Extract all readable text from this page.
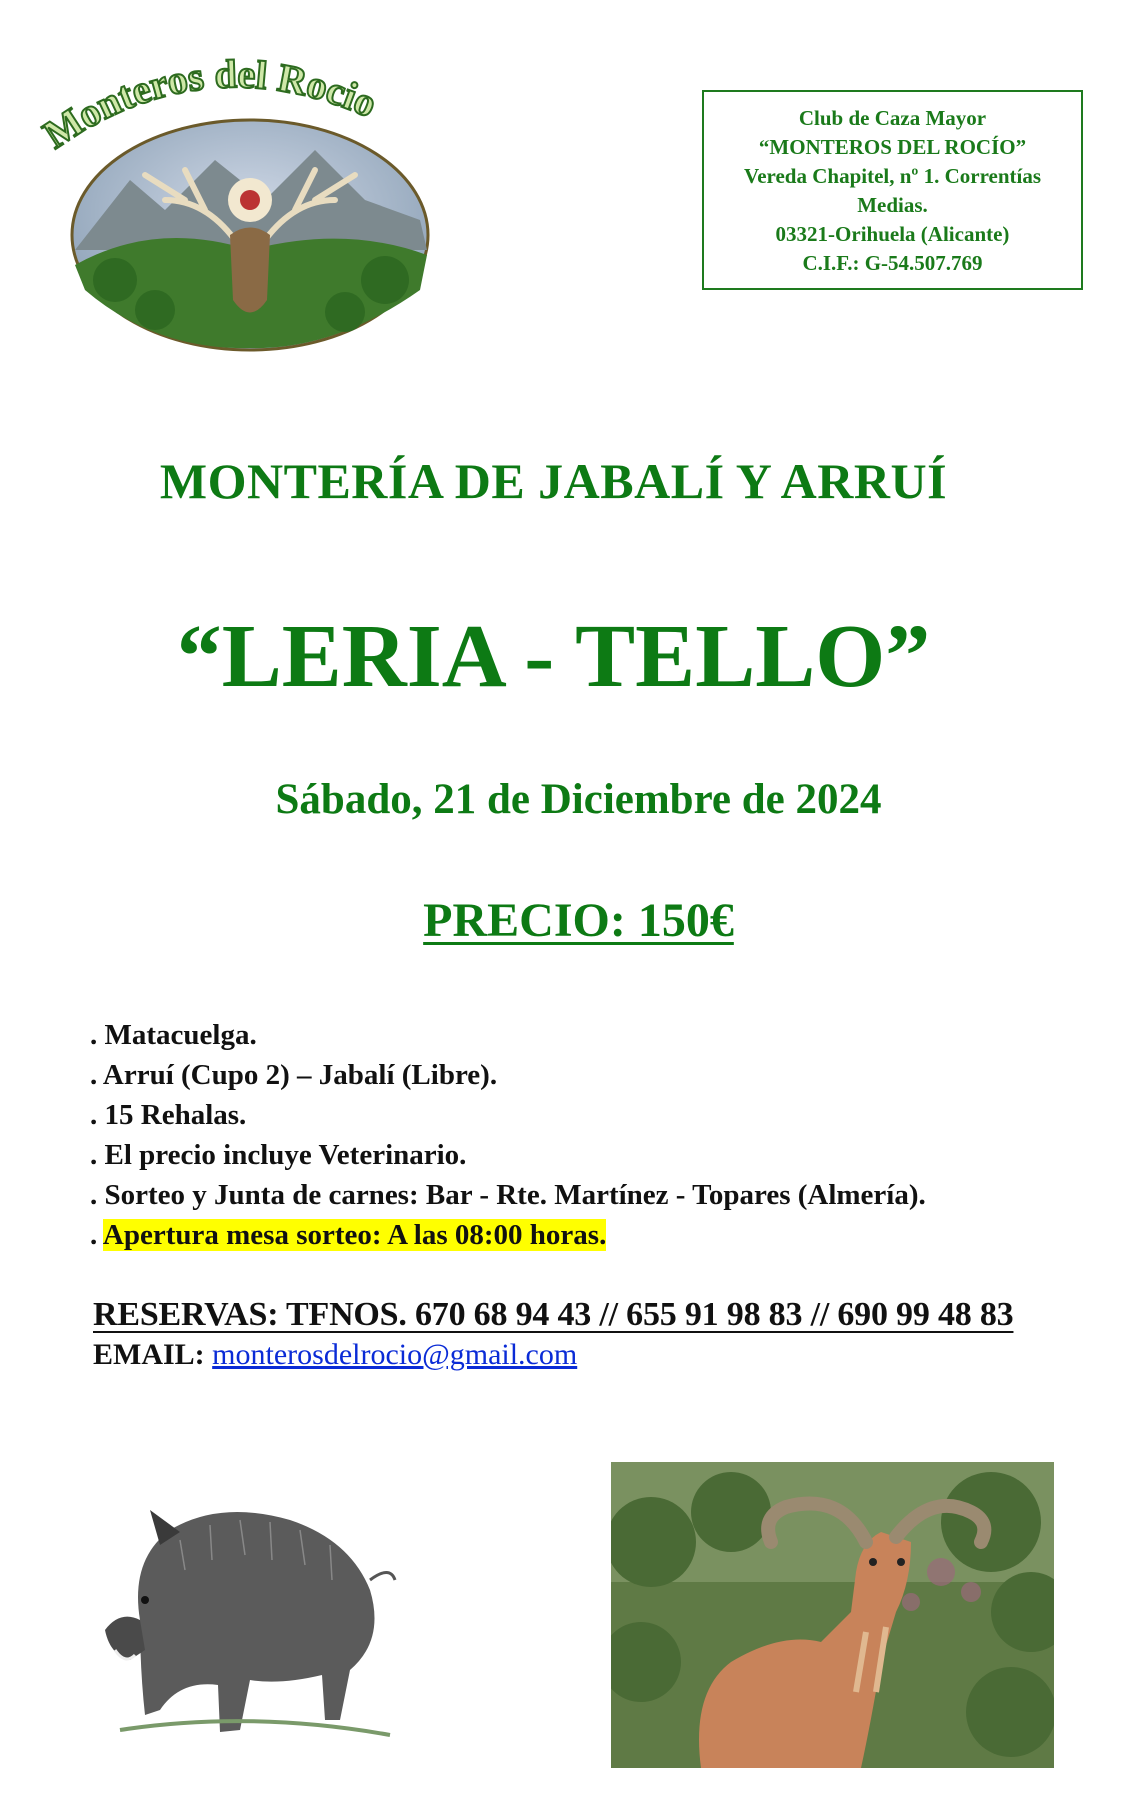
Monteros del Rocio	Club de Caza Mayor
“MONTEROS DEL ROCÍO”
Vereda Chapitel, nº 1. Correntías
Medias.
03321-Orihuela (Alicante)
C.I.F.: G-54.507.769
MONTERÍA DE JABALÍ Y ARRUÍ
“LERIA - TELLO”
Sábado, 21 de Diciembre de 2024
PRECIO: 150€
. Matacuelga.
. Arruí (Cupo 2) – Jabalí (Libre).
. 15 Rehalas.
. El precio incluye Veterinario.
. Sorteo y Junta de carnes: Bar - Rte. Martínez - Topares (Almería).
. Apertura mesa sorteo: A las 08:00 horas.
RESERVAS: TFNOS. 670 68 94 43 // 655 91 98 83 // 690 99 48 83
EMAIL: monterosdelrocio@gmail.com
